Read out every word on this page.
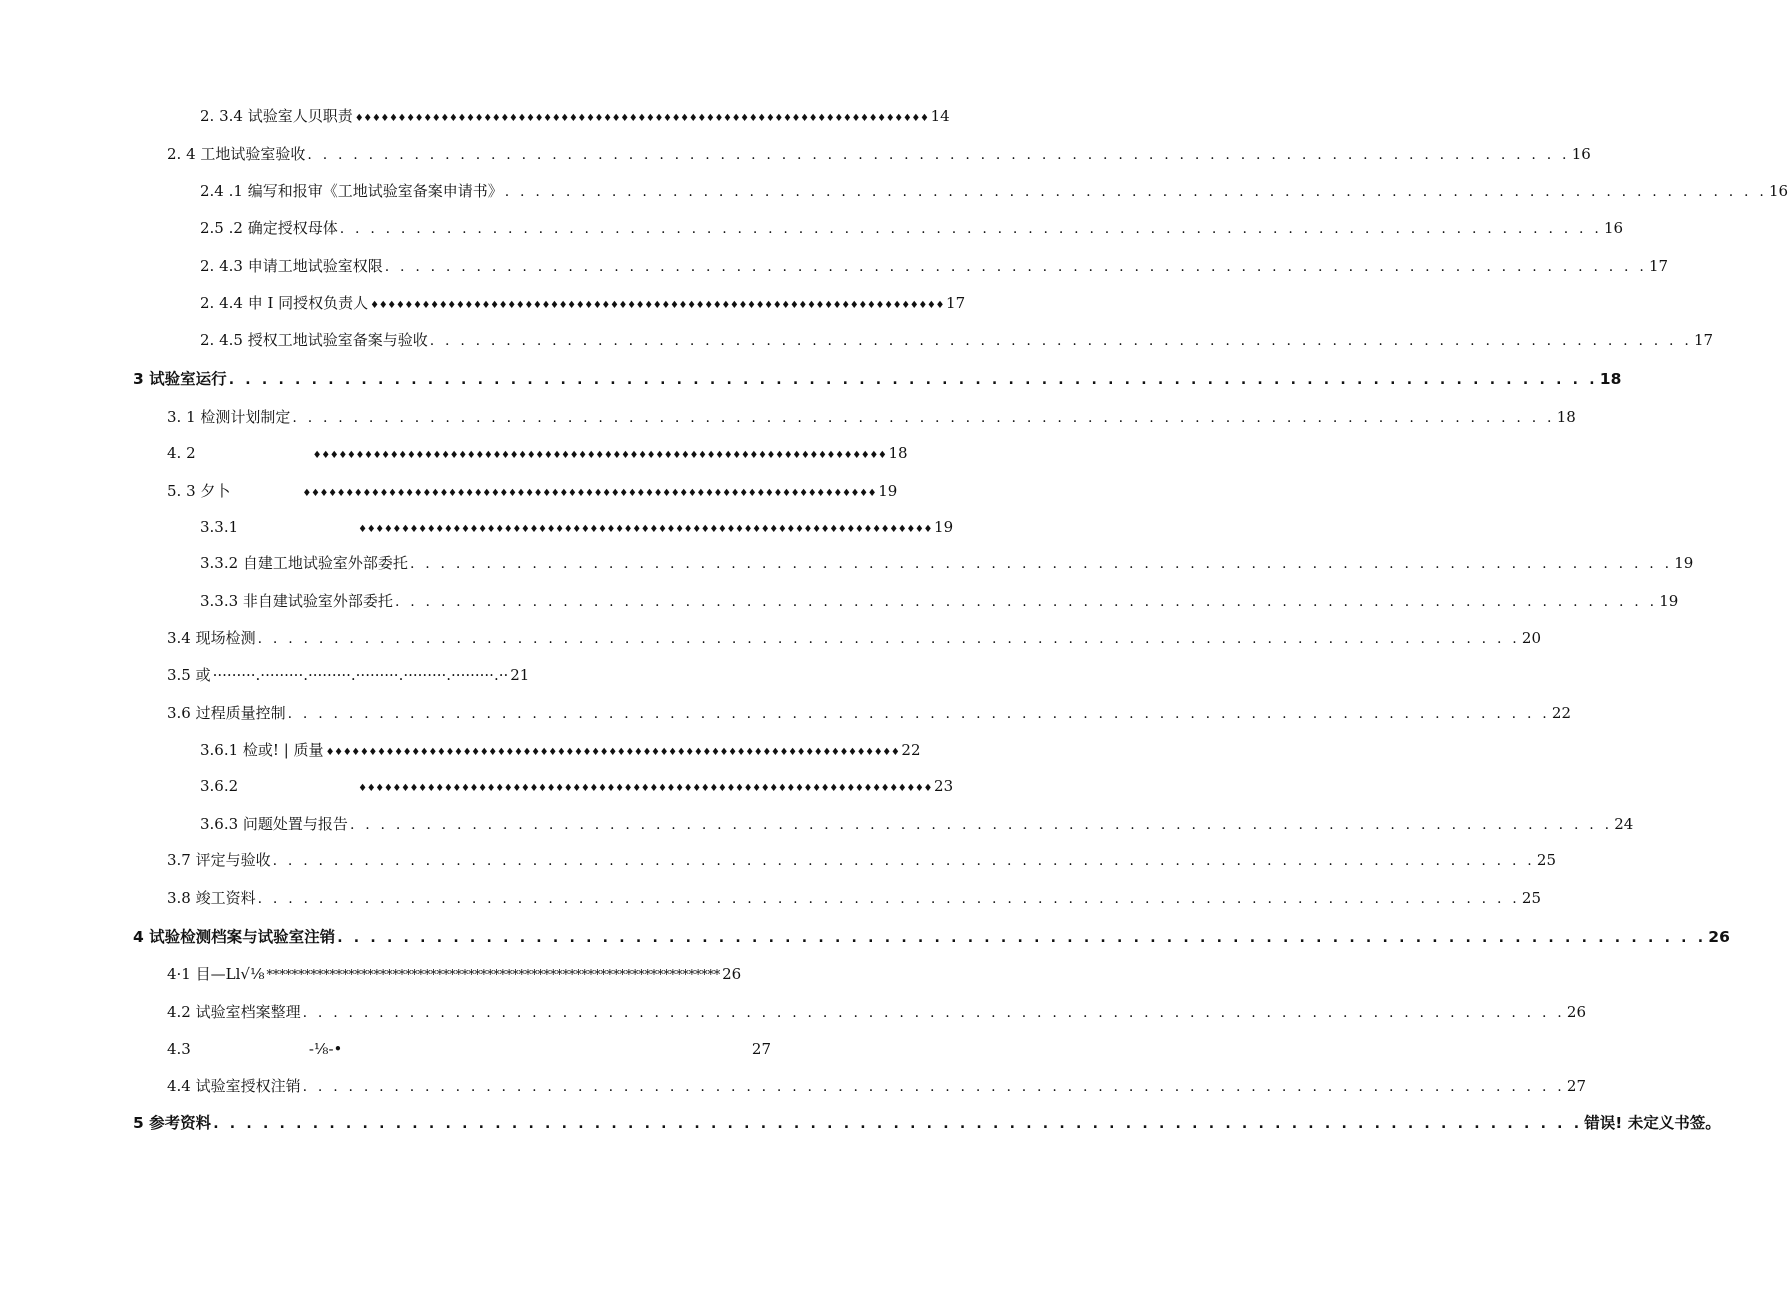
2. 3.4 试验室人贝职责 ♦♦♦♦♦♦♦♦♦♦♦♦♦♦♦♦♦♦♦♦♦♦♦♦♦♦♦♦♦♦♦♦♦♦♦♦♦♦♦♦♦♦♦♦♦♦♦♦♦♦♦♦♦♦♦♦♦♦♦♦♦♦♦♦♦♦♦ 14
2. 4 工地试验室验收 . . . . . . . . . . . . . . . . . . . . . . . . . . . . . . . . . . . . . . . . . . . . . . . . . . . . . . . . . . . . . . . . . . . . . . . . . . . . . . . . . . . 16
2.4 .1 编写和报审《工地试验室备案申请书》 . . . . . . . . . . . . . . . . . . . . . . . . . . . . . . . . . . . . . . . . . . . . . . . . . . . . . . . . . . . . . . . . . . . . . . . . . . . . . . . . . . . 16
2.5 .2 确定授权母体 . . . . . . . . . . . . . . . . . . . . . . . . . . . . . . . . . . . . . . . . . . . . . . . . . . . . . . . . . . . . . . . . . . . . . . . . . . . . . . . . . . . 16
2. 4.3 申请工地试验室权限 . . . . . . . . . . . . . . . . . . . . . . . . . . . . . . . . . . . . . . . . . . . . . . . . . . . . . . . . . . . . . . . . . . . . . . . . . . . . . . . . . . . 17
2. 4.4 申 I 同授权负责人 ♦♦♦♦♦♦♦♦♦♦♦♦♦♦♦♦♦♦♦♦♦♦♦♦♦♦♦♦♦♦♦♦♦♦♦♦♦♦♦♦♦♦♦♦♦♦♦♦♦♦♦♦♦♦♦♦♦♦♦♦♦♦♦♦♦♦♦ 17
2. 4.5 授权工地试验室备案与验收 . . . . . . . . . . . . . . . . . . . . . . . . . . . . . . . . . . . . . . . . . . . . . . . . . . . . . . . . . . . . . . . . . . . . . . . . . . . . . . . . . . . 17
3 试验室运行 . . . . . . . . . . . . . . . . . . . . . . . . . . . . . . . . . . . . . . . . . . . . . . . . . . . . . . . . . . . . . . . . . . . . . . . . . . . . . . . . . . . 18
3. 1 检测计划制定 . . . . . . . . . . . . . . . . . . . . . . . . . . . . . . . . . . . . . . . . . . . . . . . . . . . . . . . . . . . . . . . . . . . . . . . . . . . . . . . . . . . 18
4. 2	♦♦♦♦♦♦♦♦♦♦♦♦♦♦♦♦♦♦♦♦♦♦♦♦♦♦♦♦♦♦♦♦♦♦♦♦♦♦♦♦♦♦♦♦♦♦♦♦♦♦♦♦♦♦♦♦♦♦♦♦♦♦♦♦♦♦♦ 18
5. 3 夕卜	♦♦♦♦♦♦♦♦♦♦♦♦♦♦♦♦♦♦♦♦♦♦♦♦♦♦♦♦♦♦♦♦♦♦♦♦♦♦♦♦♦♦♦♦♦♦♦♦♦♦♦♦♦♦♦♦♦♦♦♦♦♦♦♦♦♦♦ 19
3.3.1	♦♦♦♦♦♦♦♦♦♦♦♦♦♦♦♦♦♦♦♦♦♦♦♦♦♦♦♦♦♦♦♦♦♦♦♦♦♦♦♦♦♦♦♦♦♦♦♦♦♦♦♦♦♦♦♦♦♦♦♦♦♦♦♦♦♦♦ 19
3.3.2 自建工地试验室外部委托 . . . . . . . . . . . . . . . . . . . . . . . . . . . . . . . . . . . . . . . . . . . . . . . . . . . . . . . . . . . . . . . . . . . . . . . . . . . . . . . . . . . 19
3.3.3 非自建试验室外部委托 . . . . . . . . . . . . . . . . . . . . . . . . . . . . . . . . . . . . . . . . . . . . . . . . . . . . . . . . . . . . . . . . . . . . . . . . . . . . . . . . . . . 19
3.4 现场检测 . . . . . . . . . . . . . . . . . . . . . . . . . . . . . . . . . . . . . . . . . . . . . . . . . . . . . . . . . . . . . . . . . . . . . . . . . . . . . . . . . . . 20
3.5 或 ·········.·········.·········.·········.·········.·········.·· 21
3.6 过程质量控制 . . . . . . . . . . . . . . . . . . . . . . . . . . . . . . . . . . . . . . . . . . . . . . . . . . . . . . . . . . . . . . . . . . . . . . . . . . . . . . . . . . . 22
3.6.1 检或! | 质量 ♦♦♦♦♦♦♦♦♦♦♦♦♦♦♦♦♦♦♦♦♦♦♦♦♦♦♦♦♦♦♦♦♦♦♦♦♦♦♦♦♦♦♦♦♦♦♦♦♦♦♦♦♦♦♦♦♦♦♦♦♦♦♦♦♦♦♦ 22
3.6.2	♦♦♦♦♦♦♦♦♦♦♦♦♦♦♦♦♦♦♦♦♦♦♦♦♦♦♦♦♦♦♦♦♦♦♦♦♦♦♦♦♦♦♦♦♦♦♦♦♦♦♦♦♦♦♦♦♦♦♦♦♦♦♦♦♦♦♦ 23
3.6.3 问题处置与报告 . . . . . . . . . . . . . . . . . . . . . . . . . . . . . . . . . . . . . . . . . . . . . . . . . . . . . . . . . . . . . . . . . . . . . . . . . . . . . . . . . . . 24
3.7 评定与验收 . . . . . . . . . . . . . . . . . . . . . . . . . . . . . . . . . . . . . . . . . . . . . . . . . . . . . . . . . . . . . . . . . . . . . . . . . . . . . . . . . . . 25
3.8 竣工资料 . . . . . . . . . . . . . . . . . . . . . . . . . . . . . . . . . . . . . . . . . . . . . . . . . . . . . . . . . . . . . . . . . . . . . . . . . . . . . . . . . . . 25
4 试验检测档案与试验室注销 . . . . . . . . . . . . . . . . . . . . . . . . . . . . . . . . . . . . . . . . . . . . . . . . . . . . . . . . . . . . . . . . . . . . . . . . . . . . . . . . . . . 26
4·1 目—Ll√⅛ ************************************************************************ 26
4.2 试验室档案整理 . . . . . . . . . . . . . . . . . . . . . . . . . . . . . . . . . . . . . . . . . . . . . . . . . . . . . . . . . . . . . . . . . . . . . . . . . . . . . . . . . . . 26
4.3	-⅛-•	27
4.4 试验室授权注销 . . . . . . . . . . . . . . . . . . . . . . . . . . . . . . . . . . . . . . . . . . . . . . . . . . . . . . . . . . . . . . . . . . . . . . . . . . . . . . . . . . . 27
5 参考资料 . . . . . . . . . . . . . . . . . . . . . . . . . . . . . . . . . . . . . . . . . . . . . . . . . . . . . . . . . . . . . . . . . . . . . . . . . . . . . . . . . . . 错误! 未定义书签。
